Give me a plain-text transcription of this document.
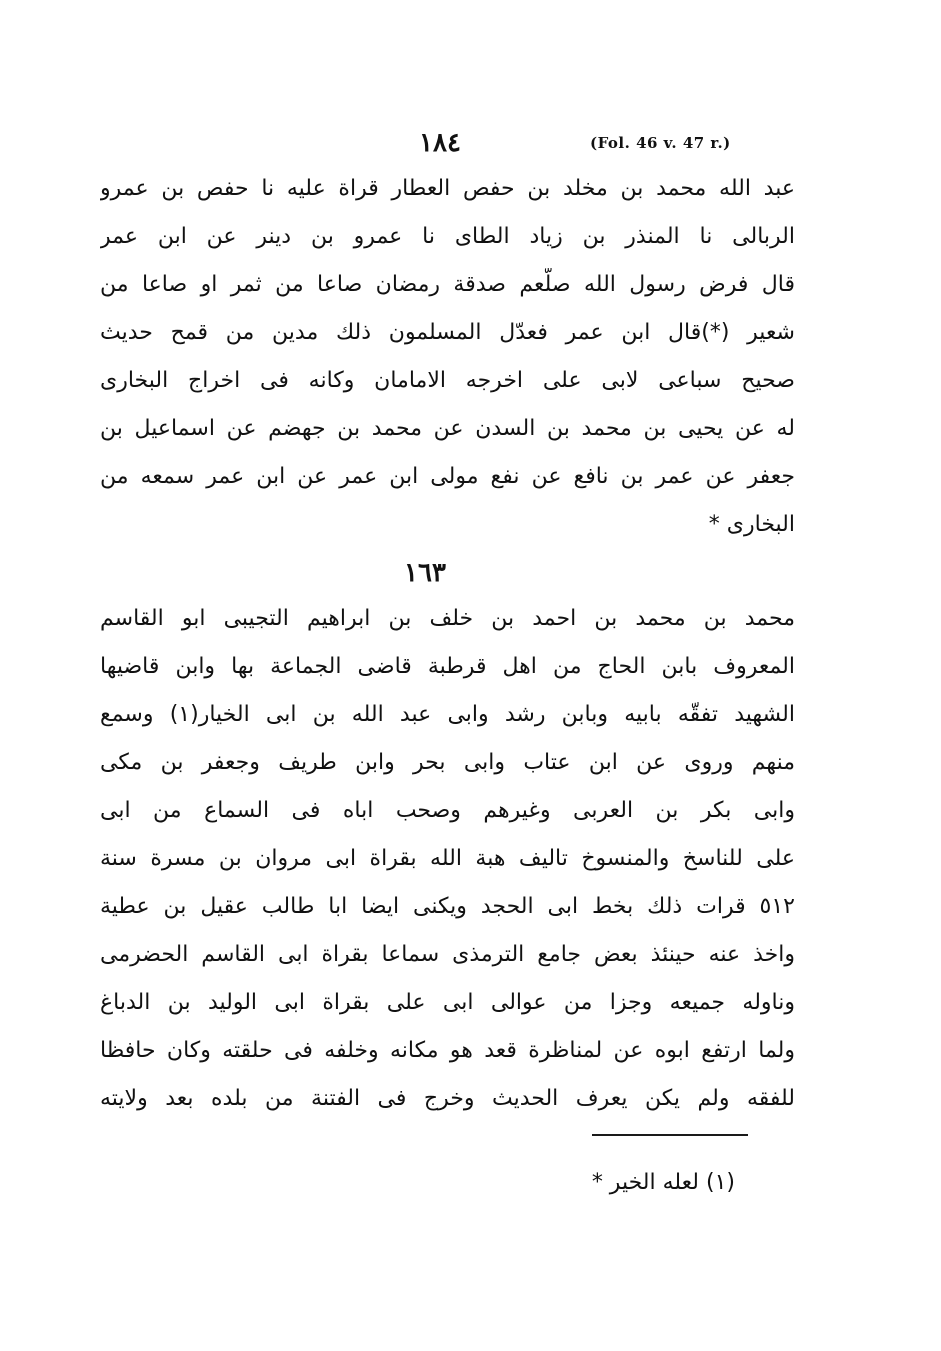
١٨٤	(Fol. 46 v. 47 r.)
عبد الله محمد بن مخلد بن حفص العطار قراة عليه نا حفص بن عمرو
الربالى نا المنذر بن زياد الطاى نا عمرو بن دينر عن ابن عمر
قال فرض رسول الله صلّعم صدقة رمضان صاعا من ثمر او صاعا من
شعير (*)قال ابن عمر فعدّل المسلمون ذلك مدين من قمح حديث
صحيح سباعى لابى على اخرجه الامامان وكانه فى اخراج البخارى
له عن يحيى بن محمد بن السدن عن محمد بن جهضم عن اسماعيل بن
جعفر عن عمر بن نافع عن نفع مولى ابن عمر عن ابن عمر سمعه من
البخارى *
١٦٣
محمد بن محمد بن احمد بن خلف بن ابراهيم التجيبى ابو القاسم
المعروف بابن الحاج من اهل قرطبة قاضى الجماعة بها وابن قاضيها
الشهيد تفقّه بابيه وبابن رشد وابى عبد الله بن ابى الخيار(١) وسمع
منهم وروى عن ابن عتاب وابى بحر وابن طريف وجعفر بن مكى
وابى بكر بن العربى وغيرهم وصحب اباه فى السماع من ابى
على للناسخ والمنسوخ تاليف هبة الله بقراة ابى مروان بن مسرة سنة
٥١٢ قرات ذلك بخط ابى الحجد ويكنى ايضا ابا طالب عقيل بن عطية
واخذ عنه حينئذ بعض جامع الترمذى سماعا بقراة ابى القاسم الحضرمى
وناوله جميعه وجزا من عوالى ابى على بقراة ابى الوليد بن الدباغ
ولما ارتفع ابوه عن لمناظرة قعد هو مكانه وخلفه فى حلقته وكان حافظا
للفقه ولم يكن يعرف الحديث وخرج فى الفتنة من بلده بعد ولايته
(١) لعله الخير *
